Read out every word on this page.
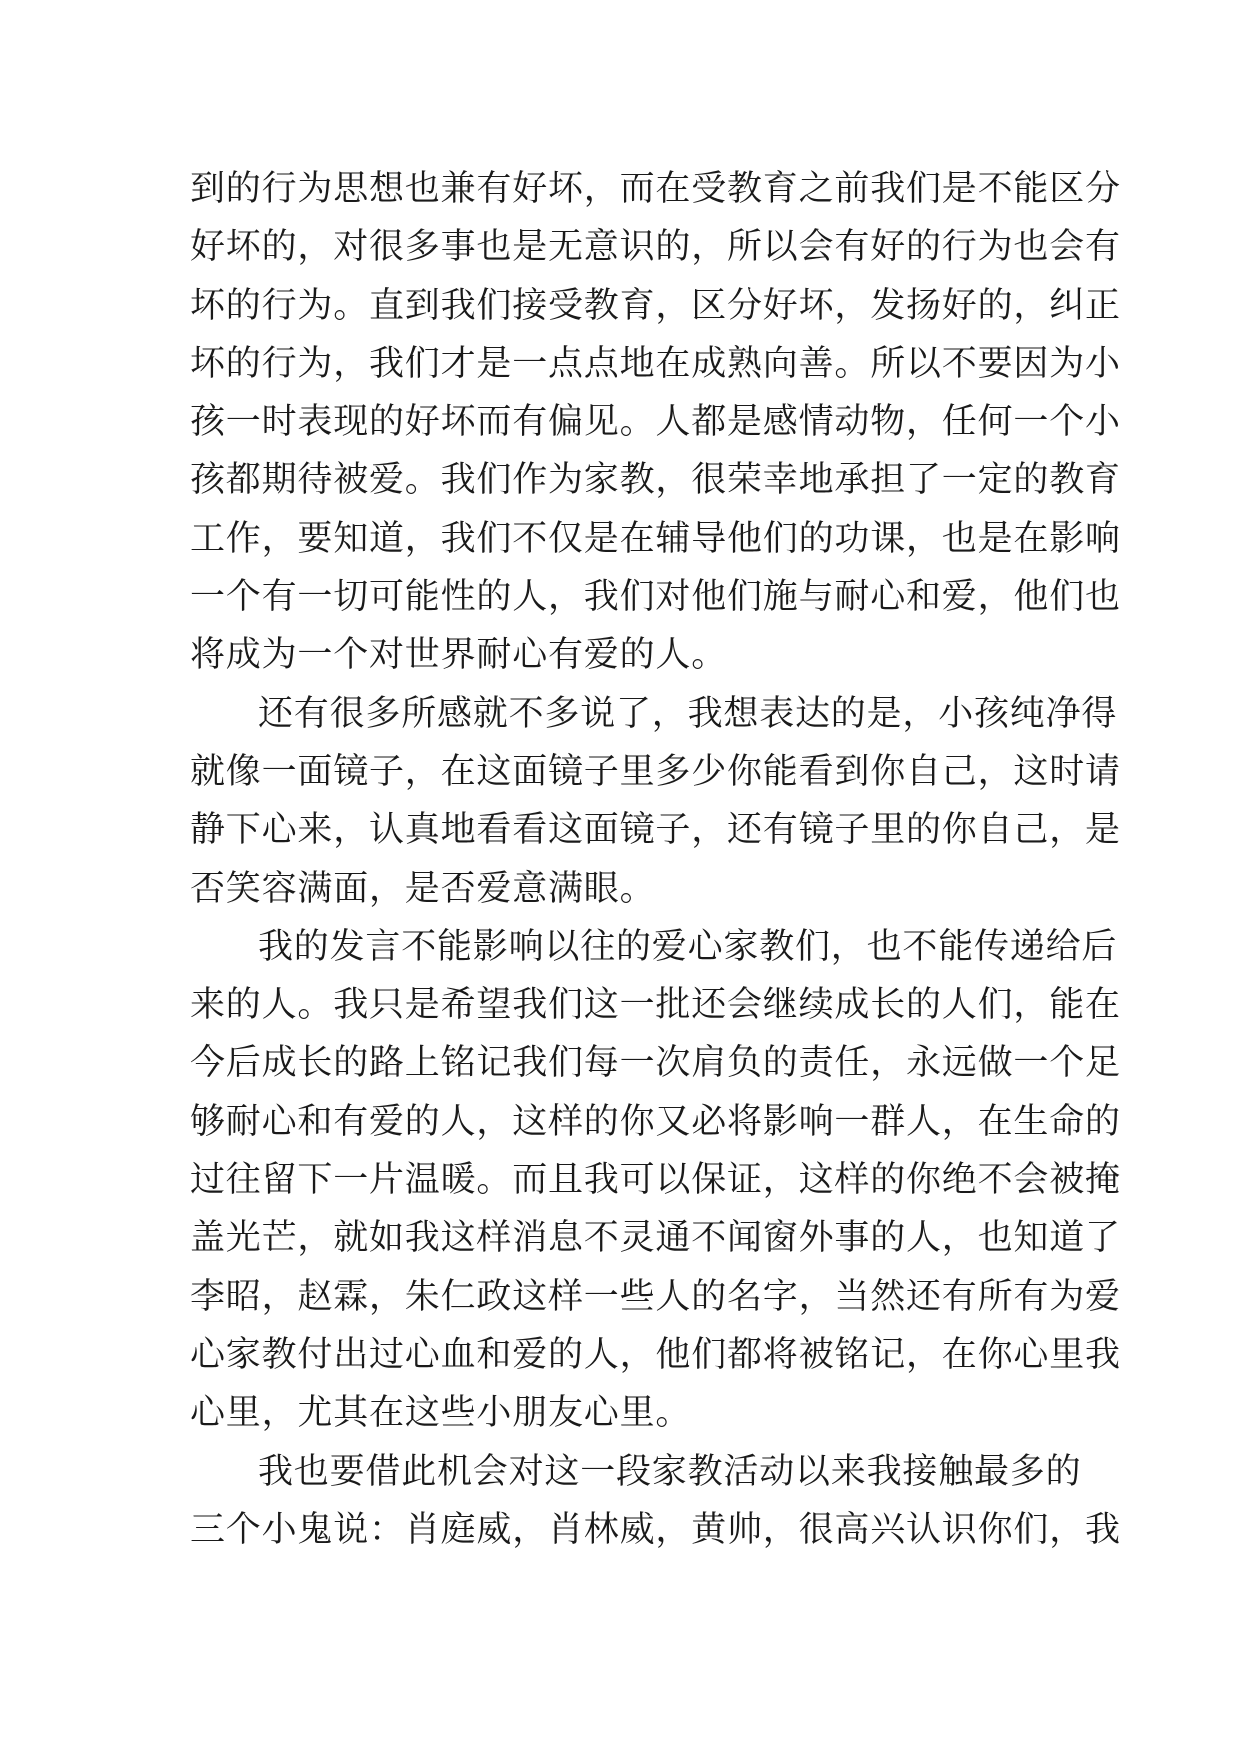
到的行为思想也兼有好坏，而在受教育之前我们是不能区分
好坏的，对很多事也是无意识的，所以会有好的行为也会有
坏的行为。直到我们接受教育，区分好坏，发扬好的，纠正
坏的行为，我们才是一点点地在成熟向善。所以不要因为小
孩一时表现的好坏而有偏见。人都是感情动物，任何一个小
孩都期待被爱。我们作为家教，很荣幸地承担了一定的教育
工作，要知道，我们不仅是在辅导他们的功课，也是在影响
一个有一切可能性的人，我们对他们施与耐心和爱，他们也
将成为一个对世界耐心有爱的人。
还有很多所感就不多说了，我想表达的是，小孩纯净得
就像一面镜子，在这面镜子里多少你能看到你自己，这时请
静下心来，认真地看看这面镜子，还有镜子里的你自己，是
否笑容满面，是否爱意满眼。
我的发言不能影响以往的爱心家教们，也不能传递给后
来的人。我只是希望我们这一批还会继续成长的人们，能在
今后成长的路上铭记我们每一次肩负的责任，永远做一个足
够耐心和有爱的人，这样的你又必将影响一群人，在生命的
过往留下一片温暖。而且我可以保证，这样的你绝不会被掩
盖光芒，就如我这样消息不灵通不闻窗外事的人，也知道了
李昭，赵霖，朱仁政这样一些人的名字，当然还有所有为爱
心家教付出过心血和爱的人，他们都将被铭记，在你心里我
心里，尤其在这些小朋友心里。
我也要借此机会对这一段家教活动以来我接触最多的
三个小鬼说：肖庭威，肖林威，黄帅，很高兴认识你们，我
